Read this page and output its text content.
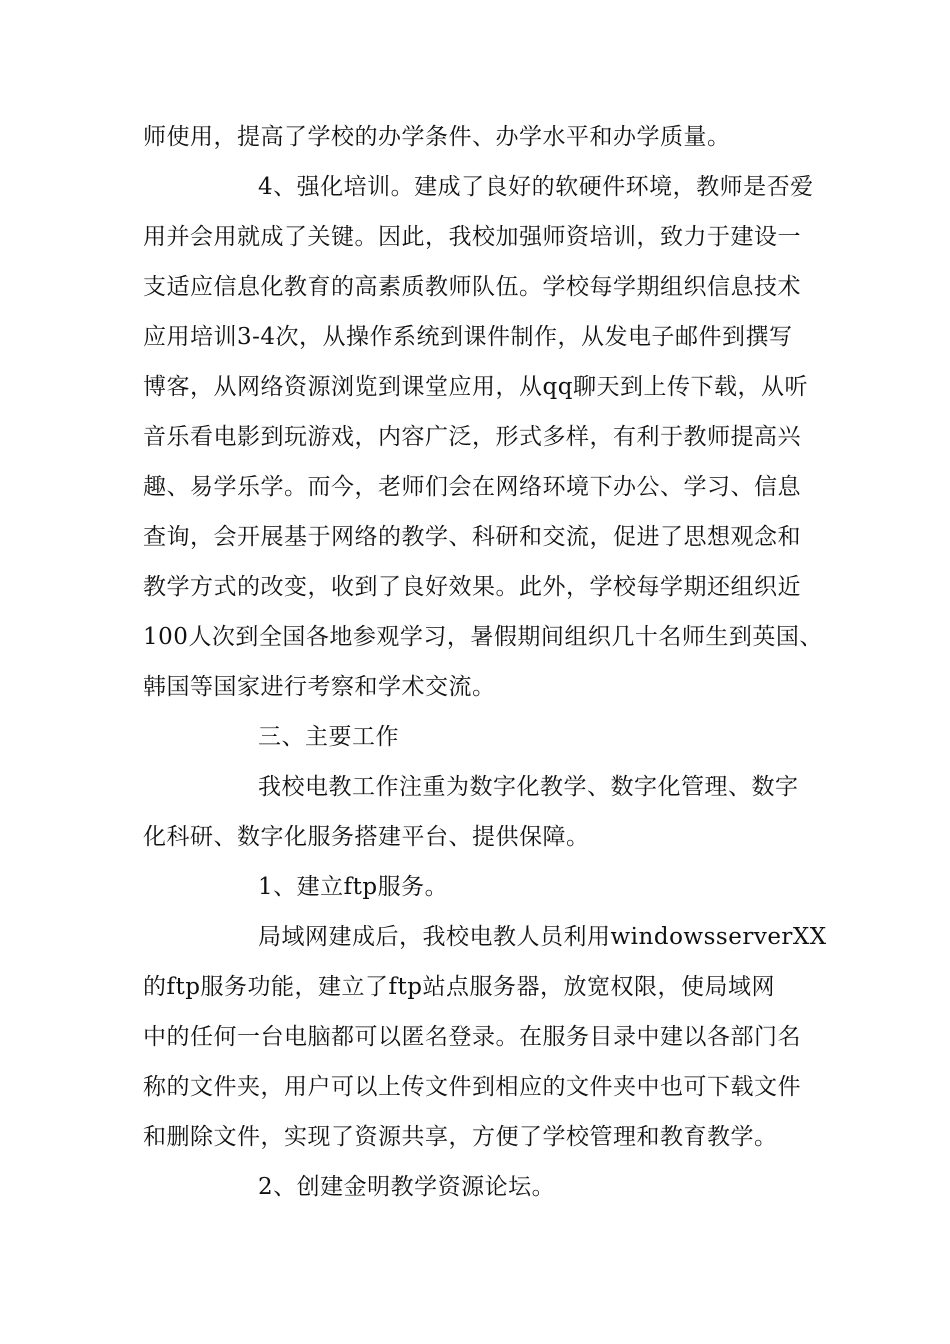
师使用，提高了学校的办学条件、办学水平和办学质量。
4、强化培训。建成了良好的软硬件环境，教师是否爱
用并会用就成了关键。因此，我校加强师资培训，致力于建设一
支适应信息化教育的高素质教师队伍。学校每学期组织信息技术
应用培训3-4次，从操作系统到课件制作，从发电子邮件到撰写
博客，从网络资源浏览到课堂应用，从qq聊天到上传下载，从听
音乐看电影到玩游戏，内容广泛，形式多样，有利于教师提高兴
趣、易学乐学。而今，老师们会在网络环境下办公、学习、信息
查询，会开展基于网络的教学、科研和交流，促进了思想观念和
教学方式的改变，收到了良好效果。此外，学校每学期还组织近
100人次到全国各地参观学习，暑假期间组织几十名师生到英国、
韩国等国家进行考察和学术交流。
三、主要工作
我校电教工作注重为数字化教学、数字化管理、数字
化科研、数字化服务搭建平台、提供保障。
1、建立ftp服务。
局域网建成后，我校电教人员利用windowsserverXX
的ftp服务功能，建立了ftp站点服务器，放宽权限，使局域网
中的任何一台电脑都可以匿名登录。在服务目录中建以各部门名
称的文件夹，用户可以上传文件到相应的文件夹中也可下载文件
和删除文件，实现了资源共享，方便了学校管理和教育教学。
2、创建金明教学资源论坛。
